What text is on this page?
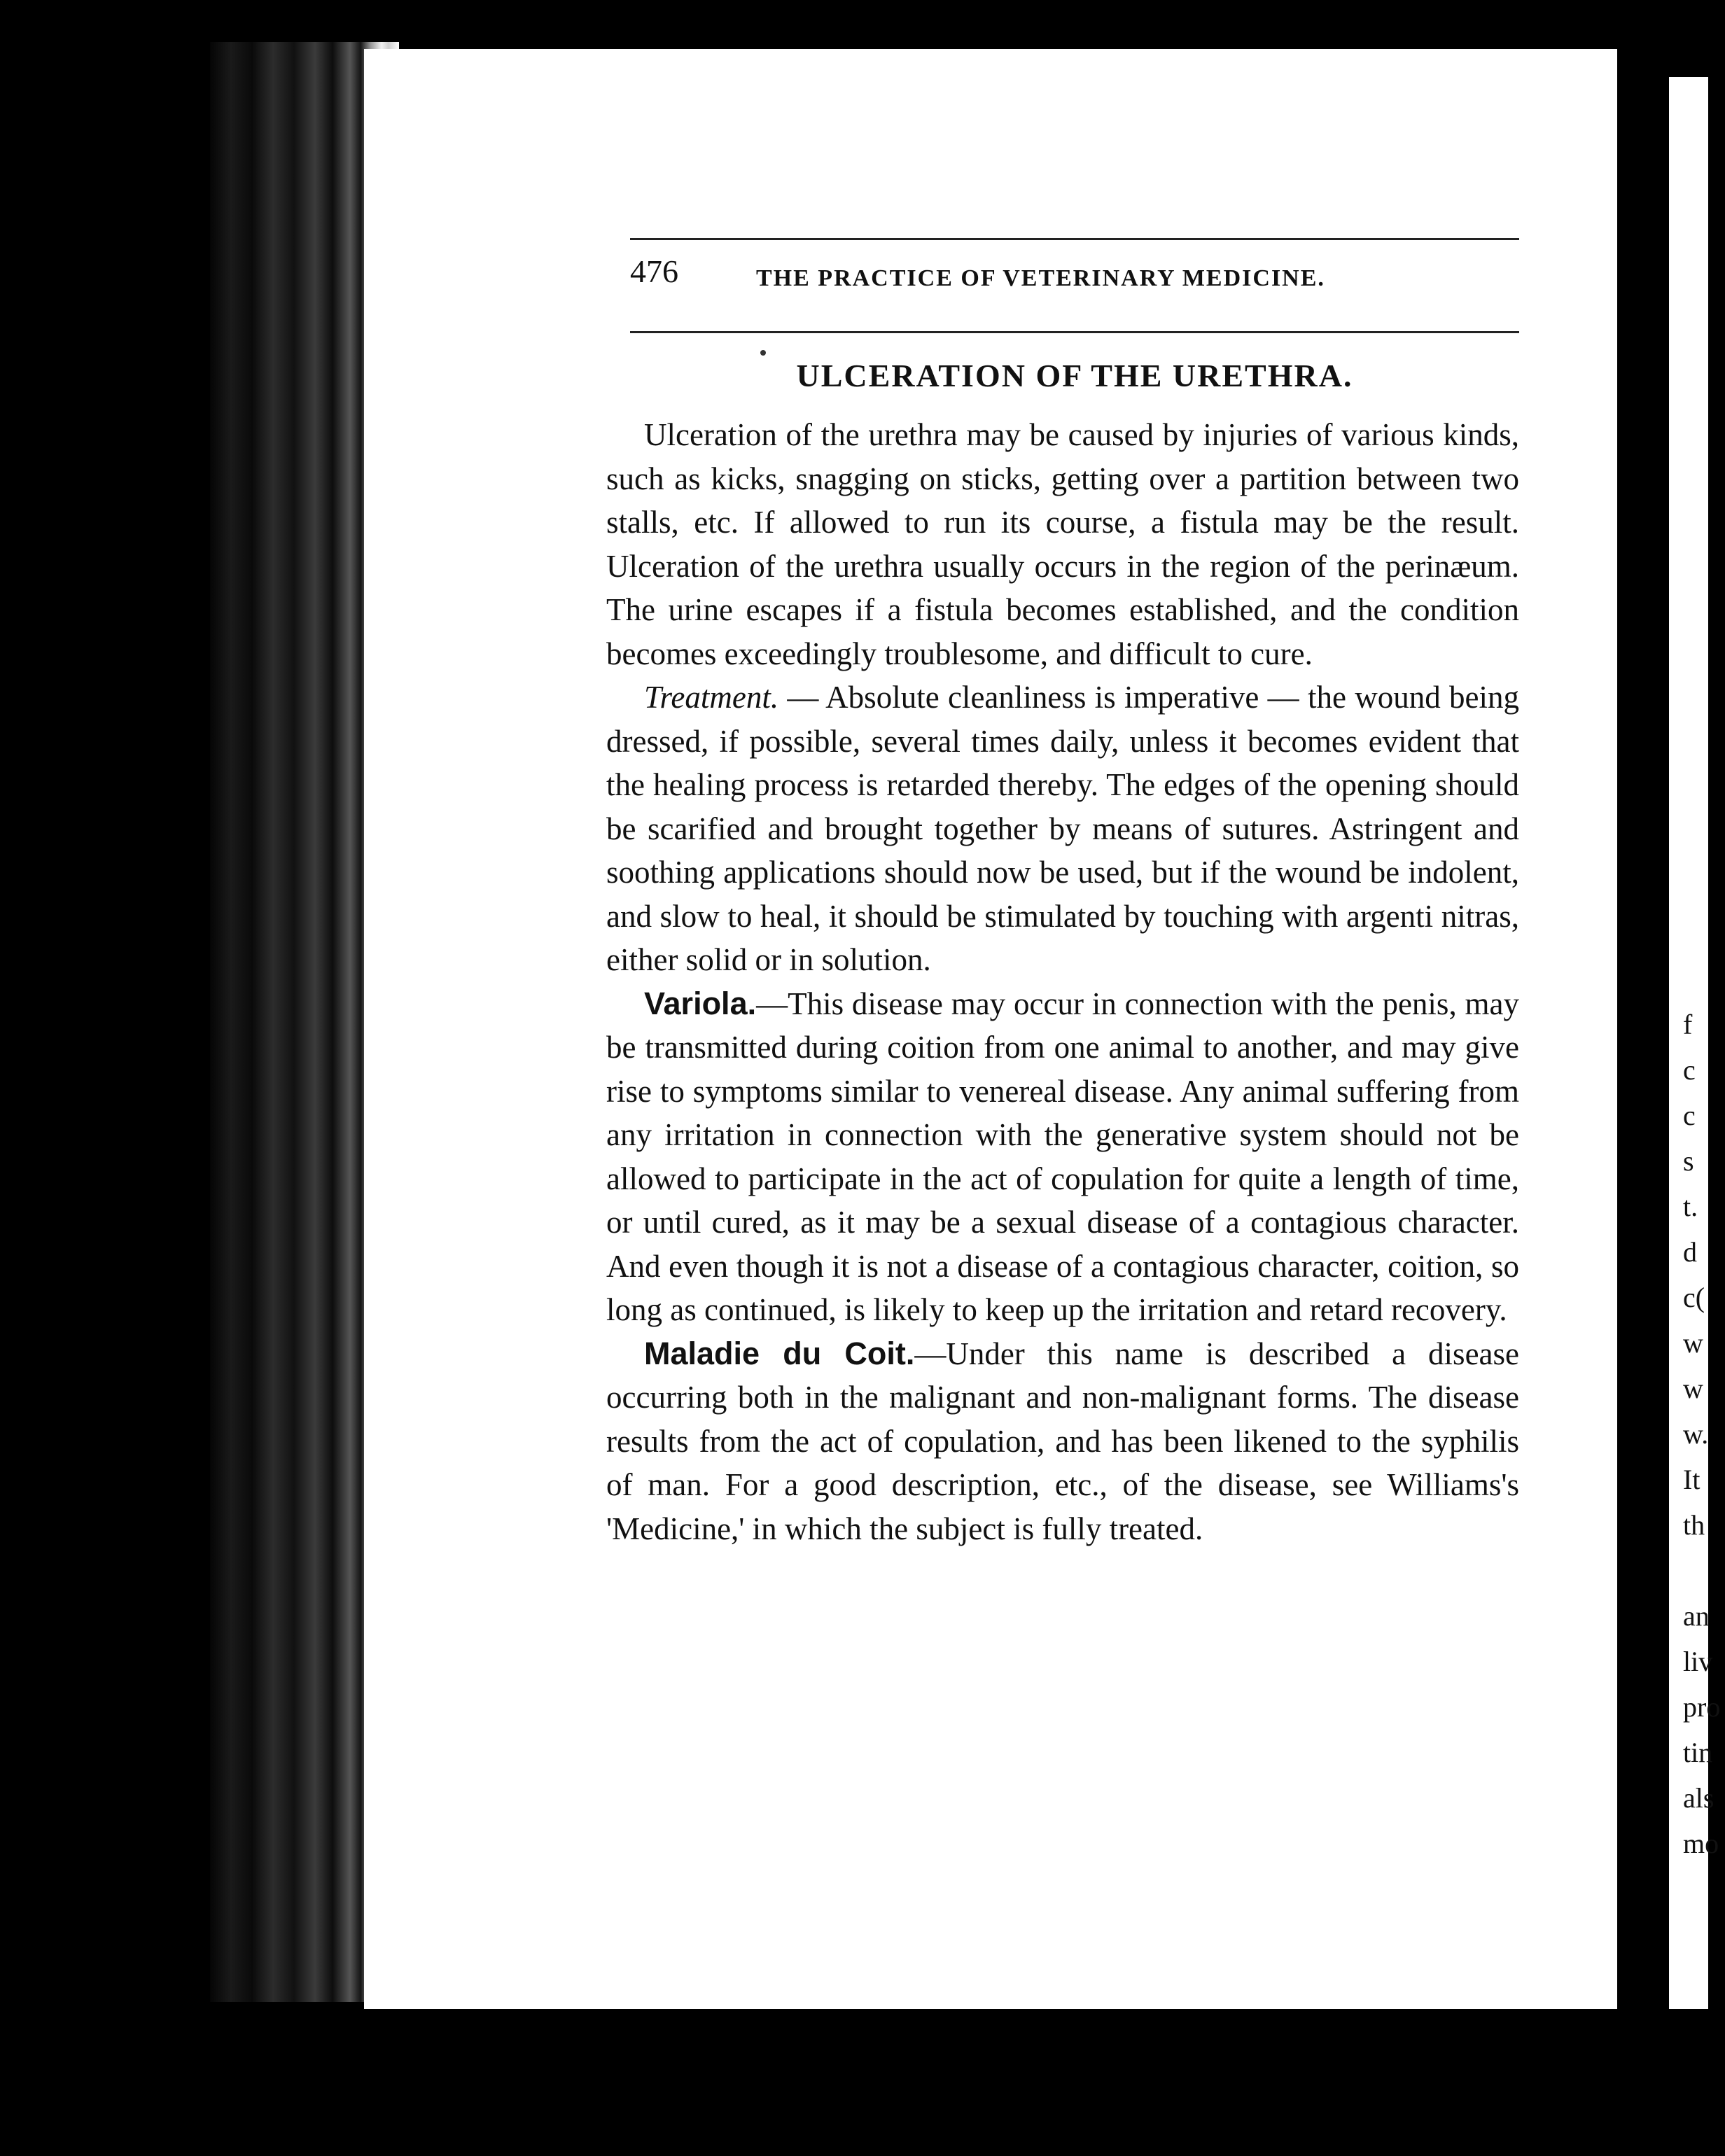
476	THE PRACTICE OF VETERINARY MEDICINE.
ULCERATION OF THE URETHRA.

Ulceration of the urethra may be caused by injuries of various kinds, such as kicks, snagging on sticks, getting over a partition between two stalls, etc. If allowed to run its course, a fistula may be the result. Ulceration of the urethra usually occurs in the region of the perinæum. The urine escapes if a fistula becomes established, and the condition becomes exceedingly troublesome, and difficult to cure.

Treatment. — Absolute cleanliness is imperative — the wound being dressed, if possible, several times daily, unless it becomes evident that the healing process is retarded thereby. The edges of the opening should be scarified and brought together by means of sutures. Astringent and soothing applications should now be used, but if the wound be indolent, and slow to heal, it should be stimulated by touching with argenti nitras, either solid or in solution.

Variola.—This disease may occur in connection with the penis, may be transmitted during coition from one animal to another, and may give rise to symptoms similar to venereal disease. Any animal suffering from any irritation in connection with the generative system should not be allowed to participate in the act of copulation for quite a length of time, or until cured, as it may be a sexual disease of a contagious character. And even though it is not a disease of a contagious character, coition, so long as continued, is likely to keep up the irritation and retard recovery.

Maladie du Coit.—Under this name is described a disease occurring both in the malignant and non-malignant forms. The disease results from the act of copulation, and has been likened to the syphilis of man. For a good description, etc., of the disease, see Williams's 'Medicine,' in which the subject is fully treated.

f
c
c
s
t.
d
c(
w
w
w.
It
th
an
liv
pro
tin
als
mo
